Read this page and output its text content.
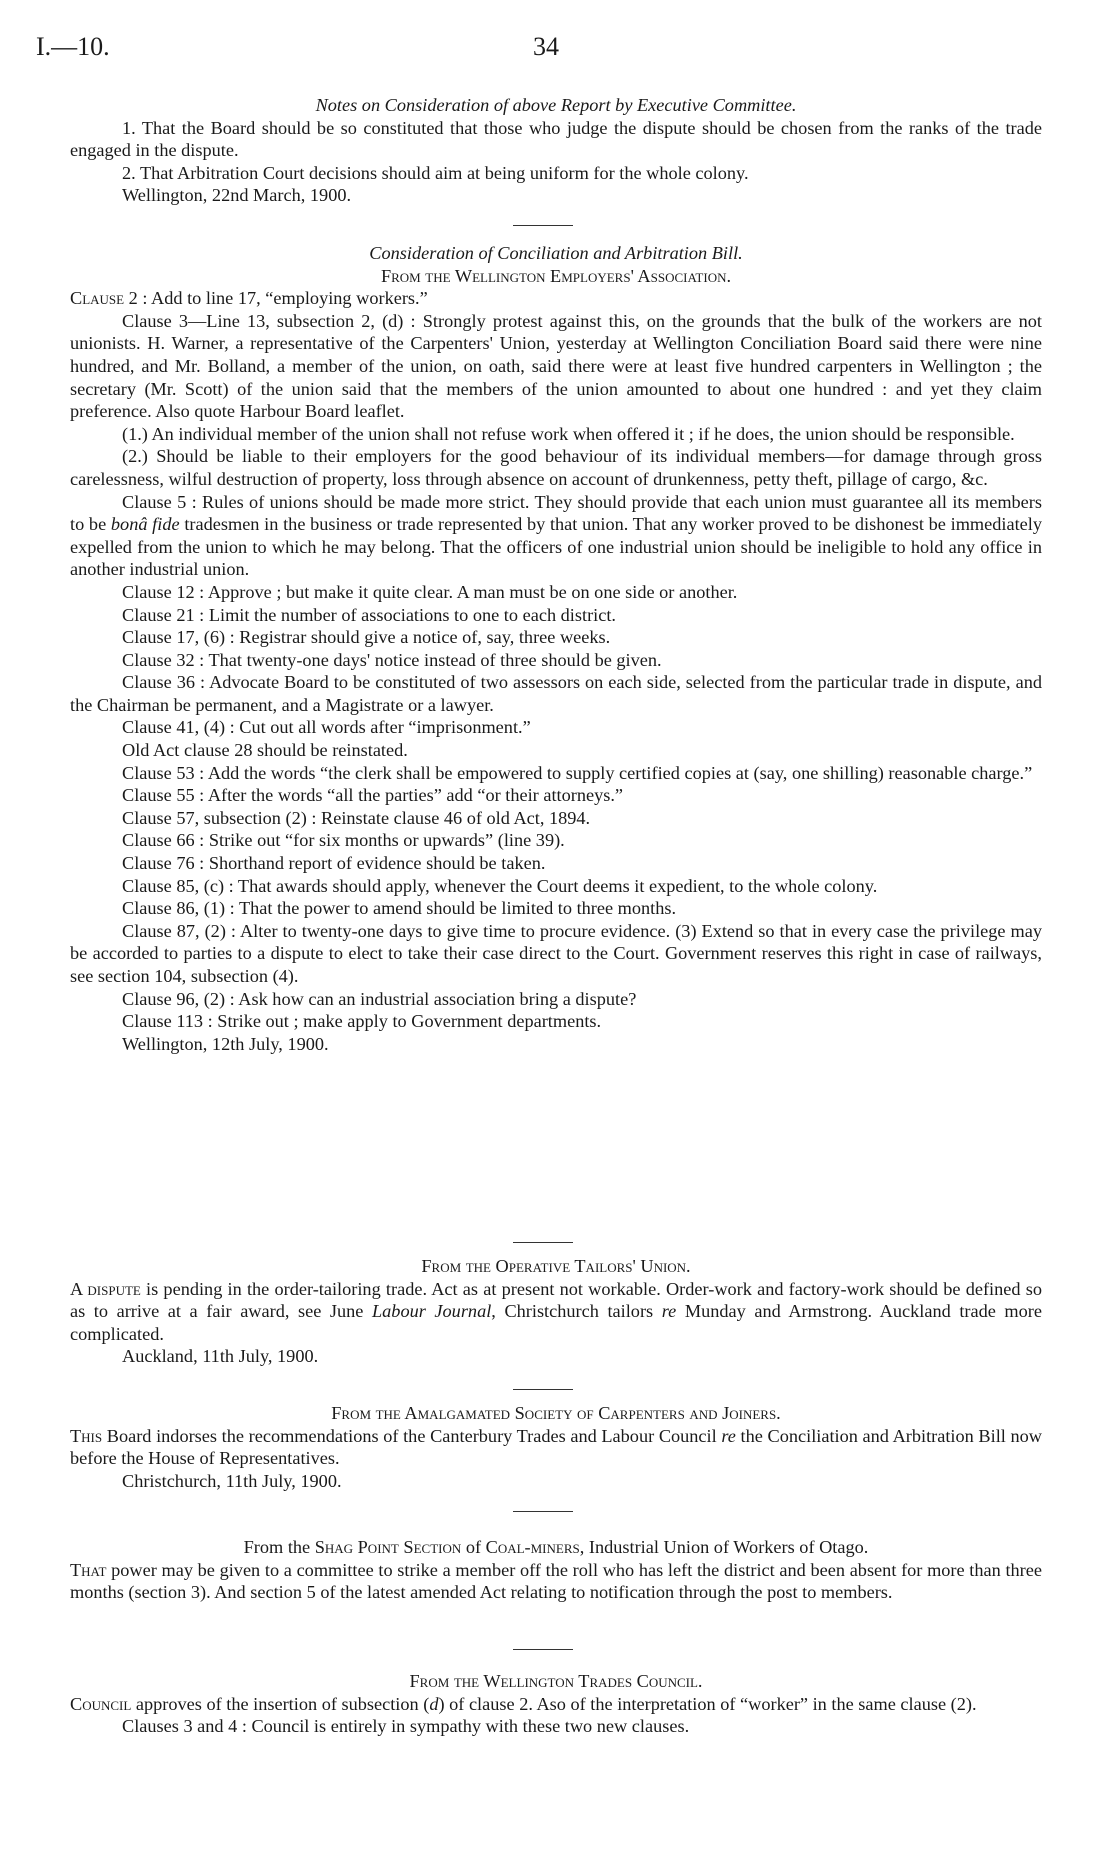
I.—10.	34

Notes on Consideration of above Report by Executive Committee.

1. That the Board should be so constituted that those who judge the dispute should be chosen from the ranks of the trade engaged in the dispute.

2. That Arbitration Court decisions should aim at being uniform for the whole colony.

Wellington, 22nd March, 1900.

Consideration of Conciliation and Arbitration Bill.

From the Wellington Employers' Association.

Clause 2 : Add to line 17, “employing workers.”

Clause 3—Line 13, subsection 2, (d) : Strongly protest against this, on the grounds that the bulk of the workers are not unionists. H. Warner, a representative of the Carpenters' Union, yesterday at Wellington Conciliation Board said there were nine hundred, and Mr. Bolland, a member of the union, on oath, said there were at least five hundred carpenters in Wellington ; the secretary (Mr. Scott) of the union said that the members of the union amounted to about one hundred : and yet they claim preference. Also quote Harbour Board leaflet.

(1.) An individual member of the union shall not refuse work when offered it ; if he does, the union should be responsible.

(2.) Should be liable to their employers for the good behaviour of its individual members—for damage through gross carelessness, wilful destruction of property, loss through absence on account of drunkenness, petty theft, pillage of cargo, &c.

Clause 5 : Rules of unions should be made more strict. They should provide that each union must guarantee all its members to be bonâ fide tradesmen in the business or trade represented by that union. That any worker proved to be dishonest be immediately expelled from the union to which he may belong. That the officers of one industrial union should be ineligible to hold any office in another industrial union.

Clause 12 : Approve ; but make it quite clear. A man must be on one side or another.

Clause 21 : Limit the number of associations to one to each district.

Clause 17, (6) : Registrar should give a notice of, say, three weeks.

Clause 32 : That twenty-one days' notice instead of three should be given.

Clause 36 : Advocate Board to be constituted of two assessors on each side, selected from the particular trade in dispute, and the Chairman be permanent, and a Magistrate or a lawyer.

Clause 41, (4) : Cut out all words after “imprisonment.”

Old Act clause 28 should be reinstated.

Clause 53 : Add the words “the clerk shall be empowered to supply certified copies at (say, one shilling) reasonable charge.”

Clause 55 : After the words “all the parties” add “or their attorneys.”

Clause 57, subsection (2) : Reinstate clause 46 of old Act, 1894.

Clause 66 : Strike out “for six months or upwards” (line 39).

Clause 76 : Shorthand report of evidence should be taken.

Clause 85, (c) : That awards should apply, whenever the Court deems it expedient, to the whole colony.

Clause 86, (1) : That the power to amend should be limited to three months.

Clause 87, (2) : Alter to twenty-one days to give time to procure evidence. (3) Extend so that in every case the privilege may be accorded to parties to a dispute to elect to take their case direct to the Court. Government reserves this right in case of railways, see section 104, subsection (4).

Clause 96, (2) : Ask how can an industrial association bring a dispute?

Clause 113 : Strike out ; make apply to Government departments.

Wellington, 12th July, 1900.

From the Operative Tailors' Union.

A dispute is pending in the order-tailoring trade. Act as at present not workable. Order-work and factory-work should be defined so as to arrive at a fair award, see June Labour Journal, Christchurch tailors re Munday and Armstrong. Auckland trade more complicated.

Auckland, 11th July, 1900.

From the Amalgamated Society of Carpenters and Joiners.

This Board indorses the recommendations of the Canterbury Trades and Labour Council re the Conciliation and Arbitration Bill now before the House of Representatives.

Christchurch, 11th July, 1900.

From the Shag Point Section of Coal-miners, Industrial Union of Workers of Otago.

That power may be given to a committee to strike a member off the roll who has left the district and been absent for more than three months (section 3). And section 5 of the latest amended Act relating to notification through the post to members.

From the Wellington Trades Council.

Council approves of the insertion of subsection (d) of clause 2. Aso of the interpretation of “worker” in the same clause (2).

Clauses 3 and 4 : Council is entirely in sympathy with these two new clauses.
